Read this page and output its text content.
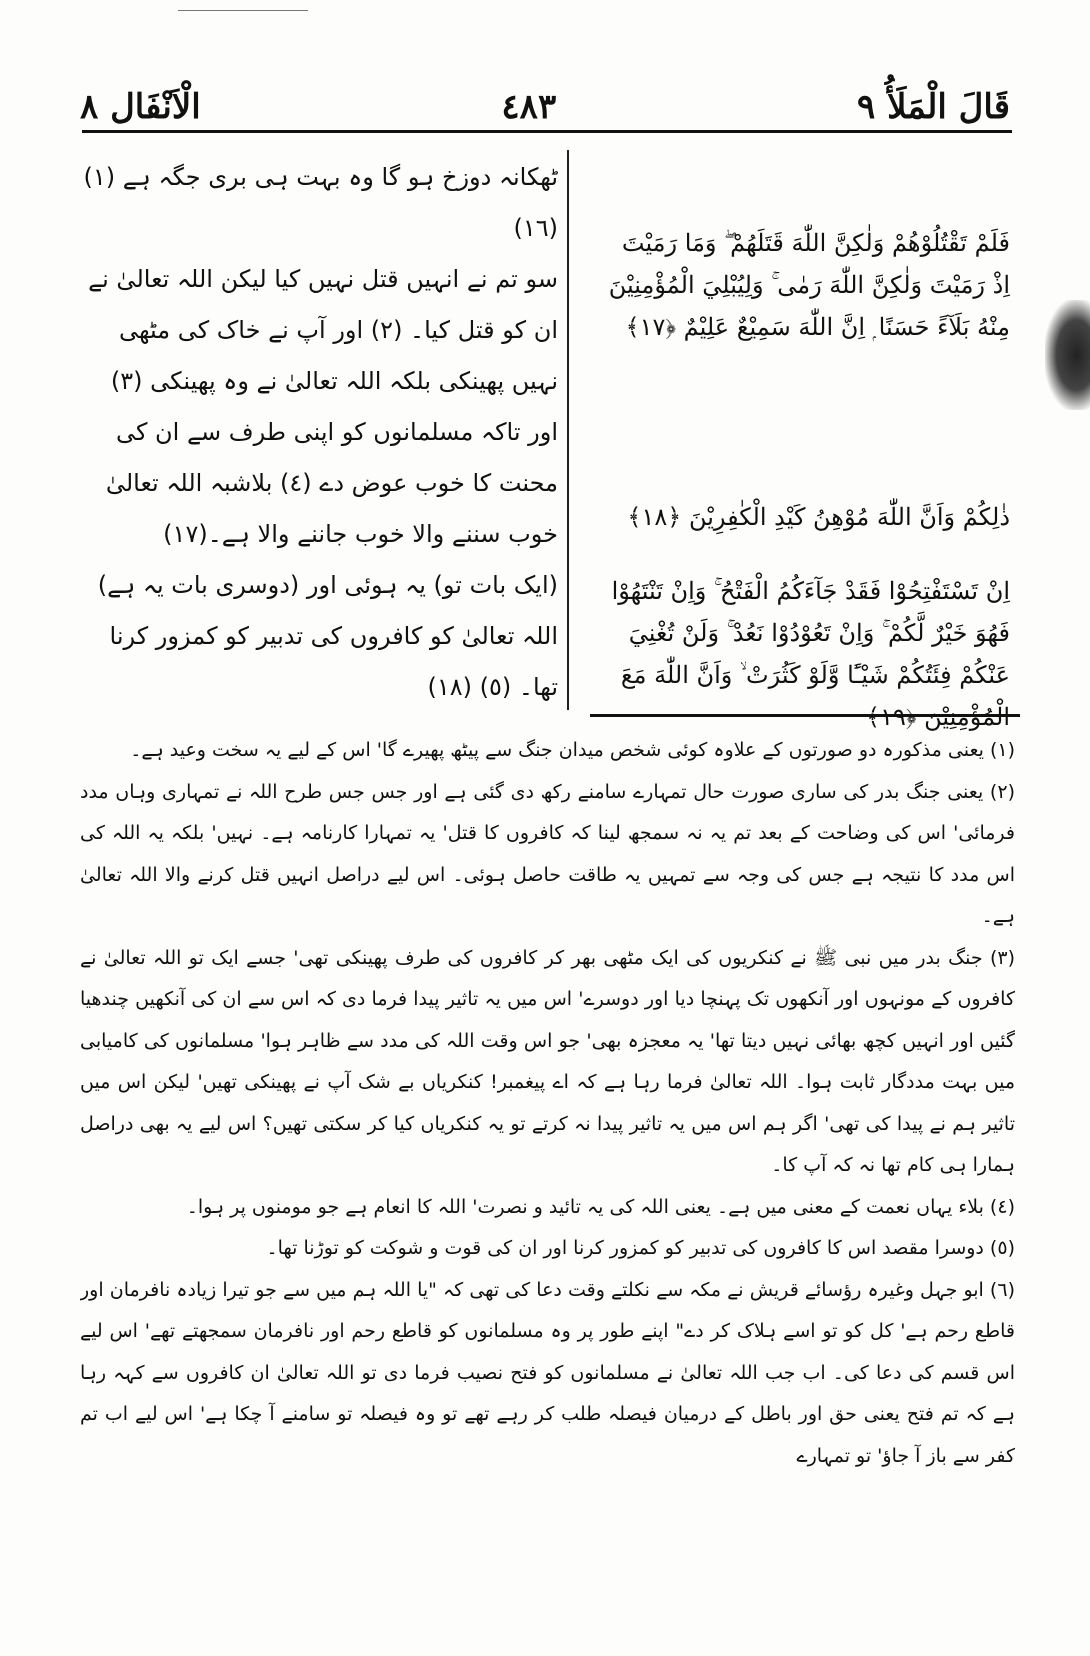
الْاَنْفَال ٨	٤٨٣	قَالَ الْمَلَأُ ٩

ٹھکانہ دوزخ ہو گا وہ بہت ہی بری جگہ ہے (١) (١٦)

سو تم نے انہیں قتل نہیں کیا لیکن اللہ تعالیٰ نے ان کو قتل کیا۔ (٢) اور آپ نے خاک کی مٹھی نہیں پھینکی بلکہ اللہ تعالیٰ نے وہ پھینکی (٣) اور تاکہ مسلمانوں کو اپنی طرف سے ان کی محنت کا خوب عوض دے (٤) بلاشبہ اللہ تعالیٰ خوب سننے والا خوب جاننے والا ہے۔(١٧)

(ایک بات تو) یہ ہوئی اور (دوسری بات یہ ہے) اللہ تعالیٰ کو کافروں کی تدبیر کو کمزور کرنا تھا۔ (٥) (١٨)

فَلَمْ تَقْتُلُوْهُمْ وَلٰكِنَّ اللّٰهَ قَتَلَهُمْ ۖ وَمَا رَمَيْتَ اِذْ رَمَيْتَ وَلٰكِنَّ اللّٰهَ رَمٰى ۚ وَلِيُبْلِيَ الْمُؤْمِنِيْنَ مِنْهُ بَلَآءً حَسَنًا ۭ اِنَّ اللّٰهَ سَمِيْعٌ عَلِيْمٌ ﴿١٧﴾

ذٰلِكُمْ وَاَنَّ اللّٰهَ مُوْهِنُ كَيْدِ الْكٰفِرِيْنَ ﴿١٨﴾

اِنْ تَسْتَفْتِحُوْا فَقَدْ جَآءَكُمُ الْفَتْحُ ۚ وَاِنْ تَنْتَهُوْا فَهُوَ خَيْرٌ لَّكُمْ ۚ وَاِنْ تَعُوْدُوْا نَعُدْ ۚ وَلَنْ تُغْنِيَ عَنْكُمْ فِئَتُكُمْ شَيْـًٔا وَّلَوْ كَثُرَتْ ۙ وَاَنَّ اللّٰهَ مَعَ الْمُؤْمِنِيْنَ ﴿١٩﴾

(١) یعنی مذکورہ دو صورتوں کے علاوہ کوئی شخص میدان جنگ سے پیٹھ پھیرے گا' اس کے لیے یہ سخت وعید ہے۔

(٢) یعنی جنگ بدر کی ساری صورت حال تمہارے سامنے رکھ دی گئی ہے اور جس جس طرح اللہ نے تمہاری وہاں مدد فرمائی' اس کی وضاحت کے بعد تم یہ نہ سمجھ لینا کہ کافروں کا قتل' یہ تمہارا کارنامہ ہے۔ نہیں' بلکہ یہ اللہ کی اس مدد کا نتیجہ ہے جس کی وجہ سے تمہیں یہ طاقت حاصل ہوئی۔ اس لیے دراصل انہیں قتل کرنے والا اللہ تعالیٰ ہے۔

(٣) جنگ بدر میں نبی ﷺ نے کنکریوں کی ایک مٹھی بھر کر کافروں کی طرف پھینکی تھی' جسے ایک تو اللہ تعالیٰ نے کافروں کے مونہوں اور آنکھوں تک پہنچا دیا اور دوسرے' اس میں یہ تاثیر پیدا فرما دی کہ اس سے ان کی آنکھیں چندھیا گئیں اور انہیں کچھ بھائی نہیں دیتا تھا' یہ معجزہ بھی' جو اس وقت اللہ کی مدد سے ظاہر ہوا' مسلمانوں کی کامیابی میں بہت مددگار ثابت ہوا۔ اللہ تعالیٰ فرما رہا ہے کہ اے پیغمبر! کنکریاں بے شک آپ نے پھینکی تھیں' لیکن اس میں تاثیر ہم نے پیدا کی تھی' اگر ہم اس میں یہ تاثیر پیدا نہ کرتے تو یہ کنکریاں کیا کر سکتی تھیں؟ اس لیے یہ بھی دراصل ہمارا ہی کام تھا نہ کہ آپ کا۔

(٤) بلاء یہاں نعمت کے معنی میں ہے۔ یعنی اللہ کی یہ تائید و نصرت' اللہ کا انعام ہے جو مومنوں پر ہوا۔

(٥) دوسرا مقصد اس کا کافروں کی تدبیر کو کمزور کرنا اور ان کی قوت و شوکت کو توڑنا تھا۔

(٦) ابو جہل وغیرہ رؤسائے قریش نے مکہ سے نکلتے وقت دعا کی تھی کہ "یا اللہ ہم میں سے جو تیرا زیادہ نافرمان اور قاطع رحم ہے' کل کو تو اسے ہلاک کر دے" اپنے طور پر وہ مسلمانوں کو قاطع رحم اور نافرمان سمجھتے تھے' اس لیے اس قسم کی دعا کی۔ اب جب اللہ تعالیٰ نے مسلمانوں کو فتح نصیب فرما دی تو اللہ تعالیٰ ان کافروں سے کہہ رہا ہے کہ تم فتح یعنی حق اور باطل کے درمیان فیصلہ طلب کر رہے تھے تو وہ فیصلہ تو سامنے آ چکا ہے' اس لیے اب تم کفر سے باز آ جاؤ' تو تمہارے
